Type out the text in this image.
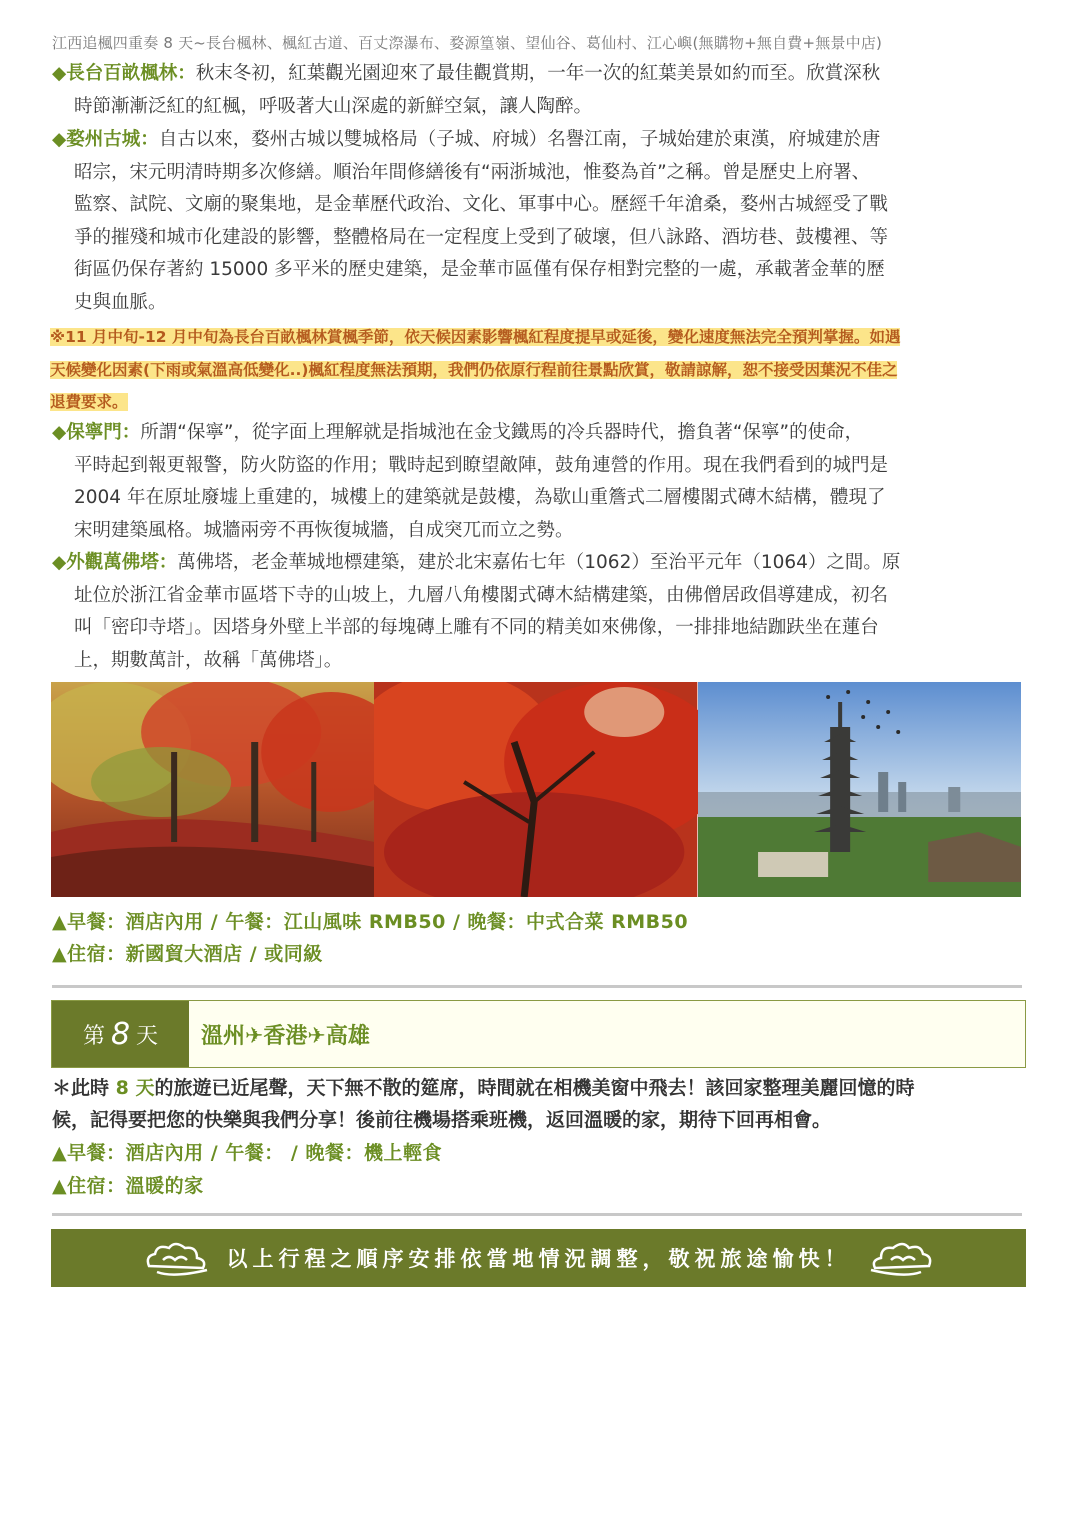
江西追楓四重奏 8 天~長台楓林、楓紅古道、百丈漈瀑布、婺源篁嶺、望仙谷、葛仙村、江心嶼(無購物+無自費+無景中店)
◆長台百畝楓林：秋末冬初，紅葉觀光園迎來了最佳觀賞期，一年一次的紅葉美景如約而至。欣賞深秋
時節漸漸泛紅的紅楓，呼吸著大山深處的新鮮空氣，讓人陶醉。
◆婺州古城：自古以來，婺州古城以雙城格局（子城、府城）名譽江南，子城始建於東漢，府城建於唐
昭宗，宋元明清時期多次修繕。順治年間修繕後有“兩浙城池，惟婺為首”之稱。曾是歷史上府署、
監察、試院、文廟的聚集地，是金華歷代政治、文化、軍事中心。歷經千年滄桑，婺州古城經受了戰
爭的摧殘和城市化建設的影響，整體格局在一定程度上受到了破壞，但八詠路、酒坊巷、鼓樓裡、等
街區仍保存著約 15000 多平米的歷史建築，是金華市區僅有保存相對完整的一處，承載著金華的歷
史與血脈。
※11 月中旬-12 月中旬為長台百畝楓林賞楓季節，依天候因素影響楓紅程度提早或延後，變化速度無法完全預判掌握。如遇
天候變化因素(下雨或氣溫高低變化..)楓紅程度無法預期，我們仍依原行程前往景點欣賞，敬請諒解，恕不接受因葉況不佳之
退費要求。
◆保寧門：所謂“保寧”，從字面上理解就是指城池在金戈鐵馬的冷兵器時代，擔負著“保寧”的使命，
平時起到報更報警，防火防盜的作用；戰時起到瞭望敵陣，鼓角連營的作用。現在我們看到的城門是
2004 年在原址廢墟上重建的，城樓上的建築就是鼓樓，為歇山重簷式二層樓閣式磚木結構，體現了
宋明建築風格。城牆兩旁不再恢復城牆，自成突兀而立之勢。
◆外觀萬佛塔：萬佛塔，老金華城地標建築，建於北宋嘉佑七年（1062）至治平元年（1064）之間。原
址位於浙江省金華市區塔下寺的山坡上，九層八角樓閣式磚木結構建築，由佛僧居政倡導建成，初名
叫「密印寺塔」。因塔身外壁上半部的每塊磚上雕有不同的精美如來佛像，一排排地結跏趺坐在蓮台
上，期數萬計，故稱「萬佛塔」。
▲早餐：酒店內用 / 午餐：江山風味 RMB50 / 晚餐：中式合菜 RMB50
▲住宿：新國貿大酒店 / 或同級
第 8 天	溫州✈香港✈高雄
＊此時 8 天的旅遊已近尾聲，天下無不散的筵席，時間就在相機美窗中飛去！該回家整理美麗回憶的時
候，記得要把您的快樂與我們分享！後前往機場搭乘班機，返回溫暖的家，期待下回再相會。
▲早餐：酒店內用 / 午餐： / 晚餐：機上輕食
▲住宿：溫暖的家
以上行程之順序安排依當地情況調整，敬祝旅途愉快！
